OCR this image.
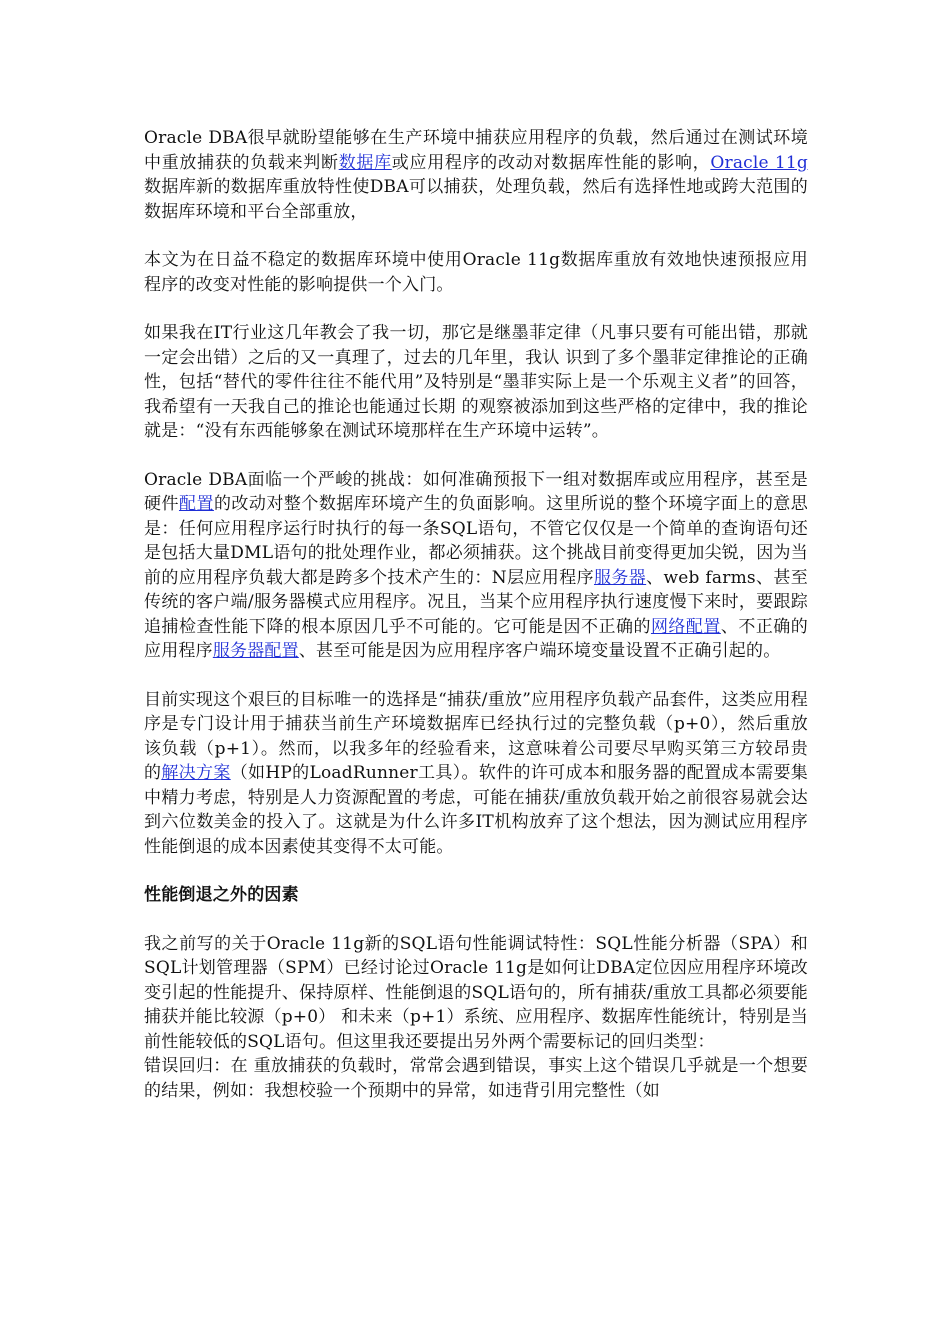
Oracle DBA很早就盼望能够在生产环境中捕获应用程序的负载，然后通过在测试环境中重放捕获的负载来判断数据库或应用程序的改动对数据库性能的影响，Oracle 11g数据库新的数据库重放特性使DBA可以捕获，处理负载，然后有选择性地或跨大范围的数据库环境和平台全部重放，

本文为在日益不稳定的数据库环境中使用Oracle 11g数据库重放有效地快速预报应用程序的改变对性能的影响提供一个入门。

如果我在IT行业这几年教会了我一切，那它是继墨菲定律（凡事只要有可能出错，那就一定会出错）之后的又一真理了，过去的几年里，我认 识到了多个墨菲定律推论的正确性，包括“替代的零件往往不能代用”及特别是“墨菲实际上是一个乐观主义者”的回答，我希望有一天我自己的推论也能通过长期 的观察被添加到这些严格的定律中，我的推论就是：“没有东西能够象在测试环境那样在生产环境中运转”。

Oracle DBA面临一个严峻的挑战：如何准确预报下一组对数据库或应用程序，甚至是硬件配置的改动对整个数据库环境产生的负面影响。这里所说的整个环境字面上的意思是：任何应用程序运行时执行的每一条SQL语句，不管它仅仅是一个简单的查询语句还是包括大量DML语句的批处理作业，都必须捕获。这个挑战目前变得更加尖锐，因为当前的应用程序负载大都是跨多个技术产生的：N层应用程序服务器、web farms、甚至传统的客户端/服务器模式应用程序。况且，当某个应用程序执行速度慢下来时，要跟踪追捕检查性能下降的根本原因几乎不可能的。它可能是因不正确的网络配置、不正确的应用程序服务器配置、甚至可能是因为应用程序客户端环境变量设置不正确引起的。

目前实现这个艰巨的目标唯一的选择是“捕获/重放”应用程序负载产品套件，这类应用程序是专门设计用于捕获当前生产环境数据库已经执行过的完整负载（p+0），然后重放该负载（p+1）。然而，以我多年的经验看来，这意味着公司要尽早购买第三方较昂贵的解决方案（如HP的LoadRunner工具）。软件的许可成本和服务器的配置成本需要集中精力考虑，特别是人力资源配置的考虑，可能在捕获/重放负载开始之前很容易就会达到六位数美金的投入了。这就是为什么许多IT机构放弃了这个想法，因为测试应用程序性能倒退的成本因素使其变得不太可能。

性能倒退之外的因素

我之前写的关于Oracle 11g新的SQL语句性能调试特性：SQL性能分析器（SPA）和SQL计划管理器（SPM）已经讨论过Oracle 11g是如何让DBA定位因应用程序环境改变引起的性能提升、保持原样、性能倒退的SQL语句的，所有捕获/重放工具都必须要能捕获并能比较源（p+0） 和未来（p+1）系统、应用程序、数据库性能统计，特别是当前性能较低的SQL语句。但这里我还要提出另外两个需要标记的回归类型：

错误回归：在 重放捕获的负载时，常常会遇到错误，事实上这个错误几乎就是一个想要的结果，例如：我想校验一个预期中的异常，如违背引用完整性（如
